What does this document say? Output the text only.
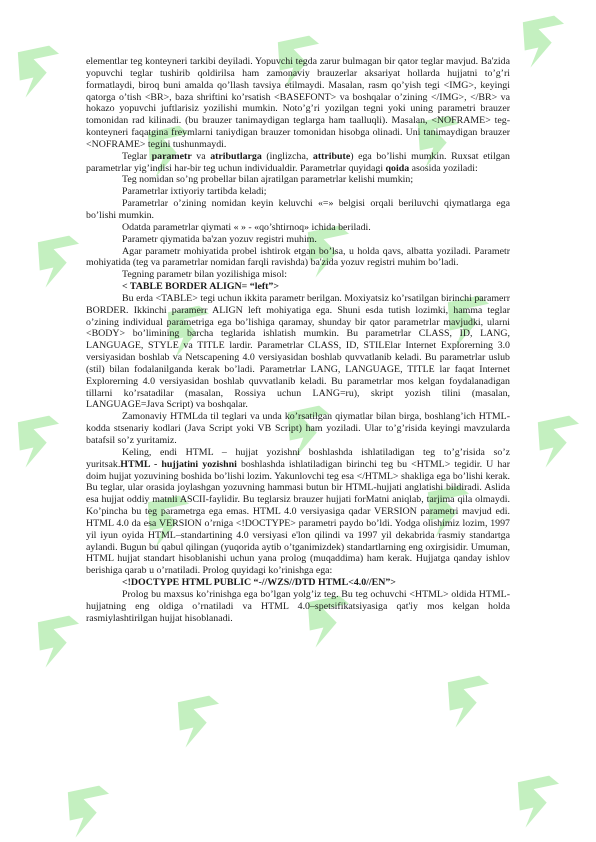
elementlar teg konteyneri tarkibi deyiladi. Yopuvchi tegda zarur bulmagan bir qator teglar mavjud. Ba'zida yopuvchi teglar tushirib qoldirilsa ham zamonaviy brauzerlar aksariyat hollarda hujjatni to’g’ri formatlaydi, biroq buni amalda qo’llash tavsiya etilmaydi. Masalan, rasm qo’yish tegi <IMG>, keyingi qatorga o’tish <BR>, baza shriftini ko’rsatish <BASEFONT> va boshqalar o’zining </IMG>, </BR> va hokazo yopuvchi juftlarisiz yozilishi mumkin. Noto’g’ri yozilgan tegni yoki uning parametri brauzer tomonidan rad kilinadi. (bu brauzer tanimaydigan teglarga ham taalluqli). Masalan, <NOFRAME> teg-konteyneri faqatgina freymlarni taniydigan brauzer tomonidan hisobga olinadi. Uni tanimaydigan brauzer <NOFRAME> tegini tushunmaydi.

Teglar parametr va atributlarga (inglizcha, attribute) ega bo’lishi mumkin. Ruxsat etilgan parametrlar yig’indisi har-bir teg uchun individualdir. Parametrlar quyidagi qoida asosida yoziladi:

Teg nomidan so’ng probellar bilan ajratilgan parametrlar kelishi mumkin;

Parametrlar ixtiyoriy tartibda keladi;

Parametrlar o’zining nomidan keyin keluvchi «=» belgisi orqali beriluvchi qiymatlarga ega bo’lishi mumkin.

Odatda parametrlar qiymati « » - «qo’shtirnoq» ichida beriladi.

Parametr qiymatida ba'zan yozuv registri muhim.

Agar parametr mohiyatida probel ishtirok etgan bo’lsa, u holda qavs, albatta yoziladi. Parametr mohiyatida (teg va parametrlar nomidan farqli ravishda) ba'zida yozuv registri muhim bo’ladi.

Tegning parametr bilan yozilishiga misol:

< TABLE BORDER ALIGN= “left”>

Bu erda <TABLE> tegi uchun ikkita parametr berilgan. Moxiyatsiz ko’rsatilgan birinchi paramerr BORDER. Ikkinchi paramerr ALIGN left mohiyatiga ega. Shuni esda tutish lozimki, hamma teglar o’zining individual parametriga ega bo’lishiga qaramay, shunday bir qator parametrlar mavjudki, ularni <BODY> bo’limining barcha teglarida ishlatish mumkin. Bu parametrlar CLASS, ID, LANG, LANGUAGE, STYLE va TITLE lardir. Parametrlar CLASS, ID, STILElar Internet Explorerning 3.0 versiyasidan boshlab va Netscapening 4.0 versiyasidan boshlab quvvatlanib keladi. Bu parametrlar uslub (stil) bilan fodalanilganda kerak bo’ladi. Parametrlar LANG, LANGUAGE, TITLE lar faqat Internet Explorerning 4.0 versiyasidan boshlab quvvatlanib keladi. Bu parametrlar mos kelgan foydalanadigan tillarni ko’rsatadilar (masalan, Rossiya uchun LANG=ru), skript yozish tilini (masalan, LANGUAGE=Java Script) va boshqalar.

Zamonaviy HTMLda til teglari va unda ko’rsatilgan qiymatlar bilan birga, boshlang’ich HTML-kodda stsenariy kodlari (Java Script yoki VB Script) ham yoziladi. Ular to’g’risida keyingi mavzularda batafsil so’z yuritamiz.

Keling, endi HTML – hujjat yozishni boshlashda ishlatiladigan teg to’g’risida so’z yuritsak.HTML - hujjatini yozishni boshlashda ishlatiladigan birinchi teg bu <HTML> tegidir. U har doim hujjat yozuvining boshida bo’lishi lozim. Yakunlovchi teg esa </HTML> shakliga ega bo’lishi kerak. Bu teglar, ular orasida joylashgan yozuvning hammasi butun bir HTML-hujjati anglatishi bildiradi. Aslida esa hujjat oddiy matnli ASCII-faylidir. Bu teglarsiz brauzer hujjati forMatni aniqlab, tarjima qila olmaydi. Ko’pinchа bu teg parametrga ega emas. HTML 4.0 versiyasiga qadar VERSION parametri mavjud edi. HTML 4.0 da esa VERSION o’rniga <!DOCTYPE> parametri paydo bo’ldi. Yodga olishimiz lozim, 1997 yil iyun oyida HTML–standartining 4.0 versiyasi e'lon qilindi va 1997 yil dekabrida rasmiy standartga aylandi. Bugun bu qabul qilingan (yuqorida aytib o’tganimizdek) standartlarning eng oxirgisidir. Umuman, HTML hujjat standart hisoblanishi uchun yana prolog (muqaddima) ham kerak. Hujjatga qanday ishlov berishiga qarab u o’rnatiladi. Prolog quyidagi ko’rinishga ega:

<!DOCTYPE HTML PUBLIC “-//WZS//DTD HTML<4.0//EN”>

Prolog bu maxsus ko’rinishga ega bo’lgan yolg’iz teg. Bu teg ochuvchi <HTML> oldida HTML-hujjatning eng oldiga o’rnatiladi va HTML 4.0–spetsifikatsiyasiga qat'iy mos kelgan holda rasmiylashtirilgan hujjat hisoblanadi.
